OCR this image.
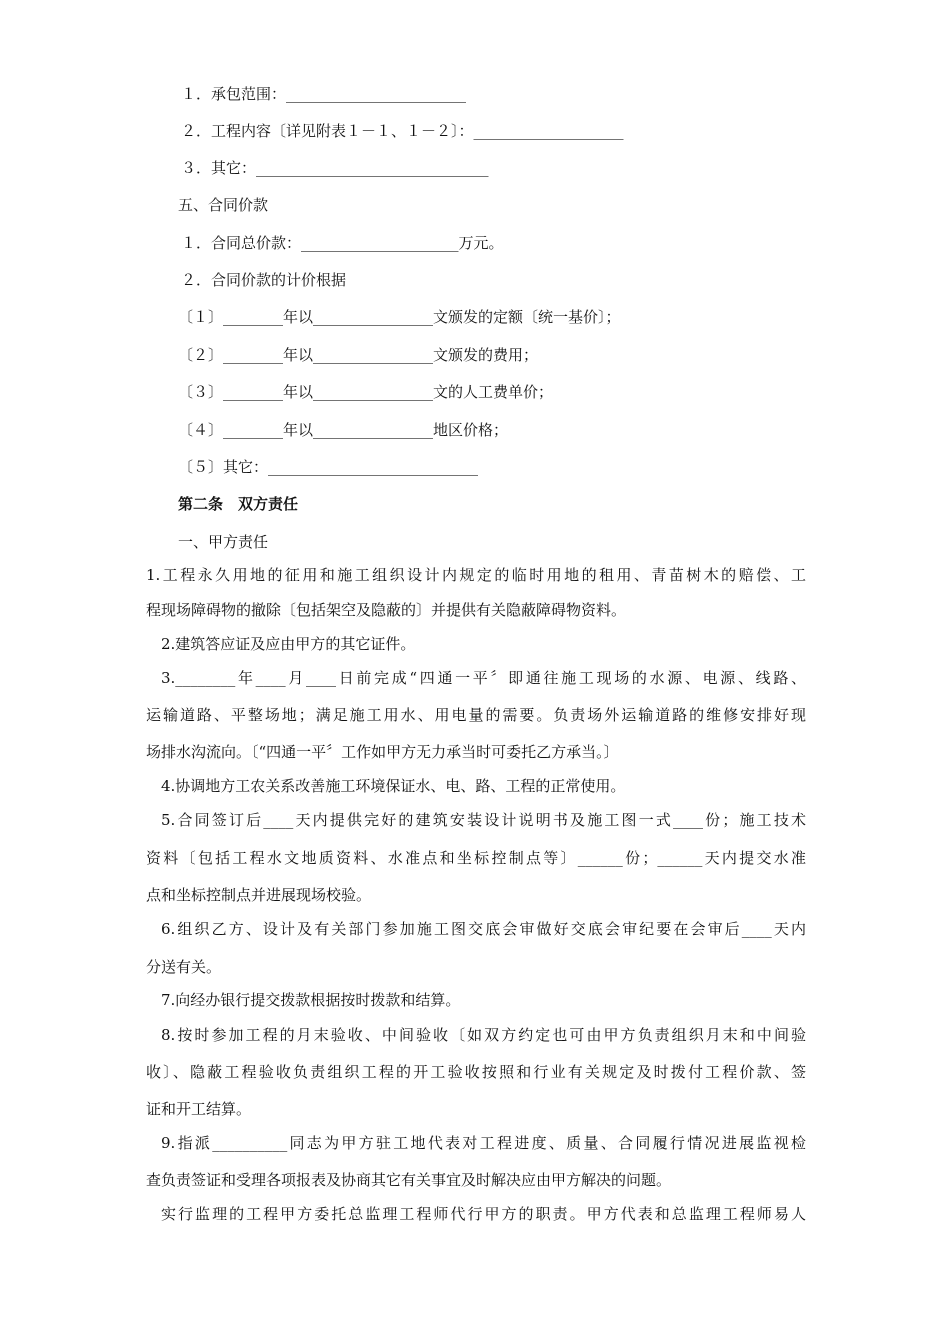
１．承包范围：________________________
２．工程内容〔详见附表１－１、１－２〕：____________________
３．其它：_______________________________
五、合同价款
１．合同总价款：_____________________万元。
２．合同价款的计价根据
〔１〕________年以________________文颁发的定额〔统一基价〕；
〔２〕________年以________________文颁发的费用；
〔３〕________年以________________文的人工费单价；
〔４〕________年以________________地区价格；
〔５〕其它：____________________________
第二条　双方责任
一、甲方责任
1.工程永久用地的征用和施工组织设计内规定的临时用地的租用、青苗树木的赔偿、工
程现场障碍物的撤除〔包括架空及隐蔽的〕并提供有关隐蔽障碍物资料。
2.建筑答应证及应由甲方的其它证件。
3.________年____月____日前完成“四通一平〞即通往施工现场的水源、电源、线路、
运输道路、平整场地；满足施工用水、用电量的需要。负责场外运输道路的维修安排好现
场排水沟流向。〔“四通一平〞工作如甲方无力承当时可委托乙方承当。〕
4.协调地方工农关系改善施工环境保证水、电、路、工程的正常使用。
5.合同签订后____天内提供完好的建筑安装设计说明书及施工图一式____份；施工技术
资料〔包括工程水文地质资料、水准点和坐标控制点等〕______份；______天内提交水准
点和坐标控制点并进展现场校验。
6.组织乙方、设计及有关部门参加施工图交底会审做好交底会审纪要在会审后____天内
分送有关。
7.向经办银行提交拨款根据按时拨款和结算。
8.按时参加工程的月末验收、中间验收〔如双方约定也可由甲方负责组织月末和中间验
收〕、隐蔽工程验收负责组织工程的开工验收按照和行业有关规定及时拨付工程价款、签
证和开工结算。
9.指派__________同志为甲方驻工地代表对工程进度、质量、合同履行情况进展监视检
查负责签证和受理各项报表及协商其它有关事宜及时解决应由甲方解决的问题。
实行监理的工程甲方委托总监理工程师代行甲方的职责。甲方代表和总监理工程师易人
